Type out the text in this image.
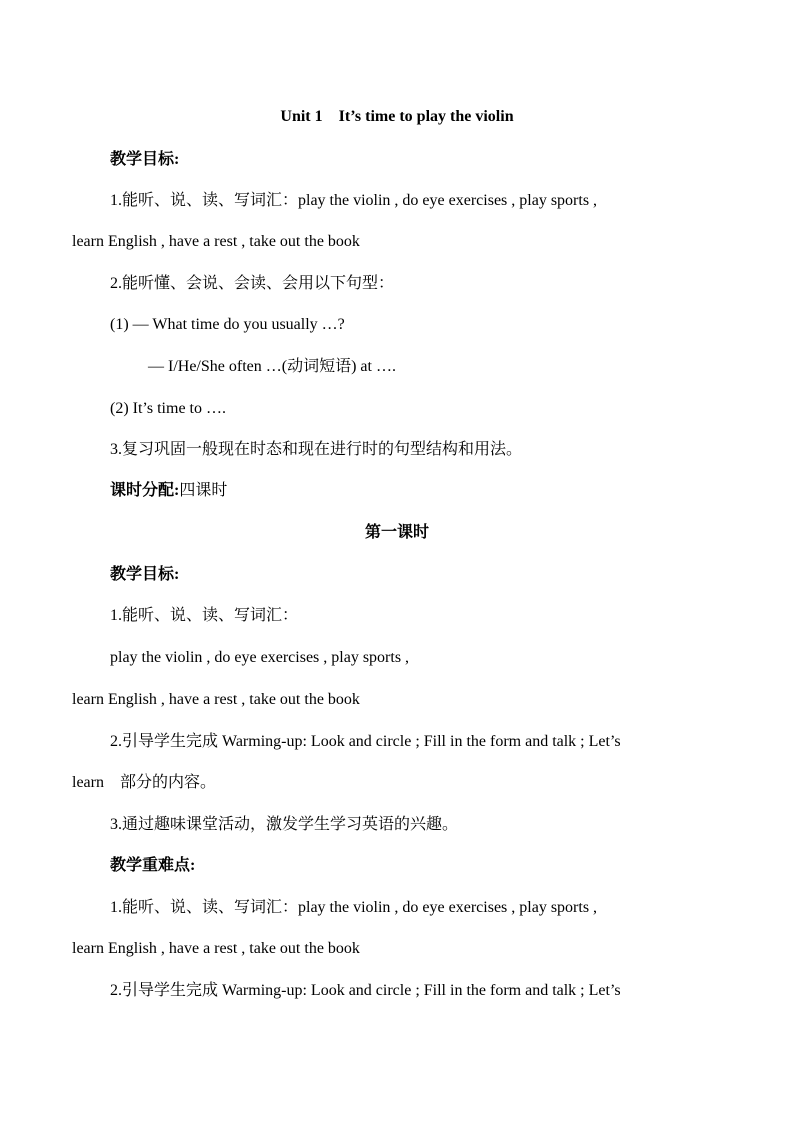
Unit 1　It’s time to play the violin
教学目标:
1.能听、说、读、写词汇：play the violin , do eye exercises , play sports ,
learn English , have a rest , take out the book
2.能听懂、会说、会读、会用以下句型：
(1) — What time do you usually …?
— I/He/She often …(动词短语) at ….
(2) It’s time to ….
3.复习巩固一般现在时态和现在进行时的句型结构和用法。
课时分配:四课时
第一课时
教学目标:
1.能听、说、读、写词汇：
play the violin , do eye exercises , play sports ,
learn English , have a rest , take out the book
2.引导学生完成 Warming-up: Look and circle ; Fill in the form and talk ; Let’s
learn　部分的内容。
3.通过趣味课堂活动，激发学生学习英语的兴趣。
教学重难点:
1.能听、说、读、写词汇：play the violin , do eye exercises , play sports ,
learn English , have a rest , take out the book
2.引导学生完成 Warming-up: Look and circle ; Fill in the form and talk ; Let’s
